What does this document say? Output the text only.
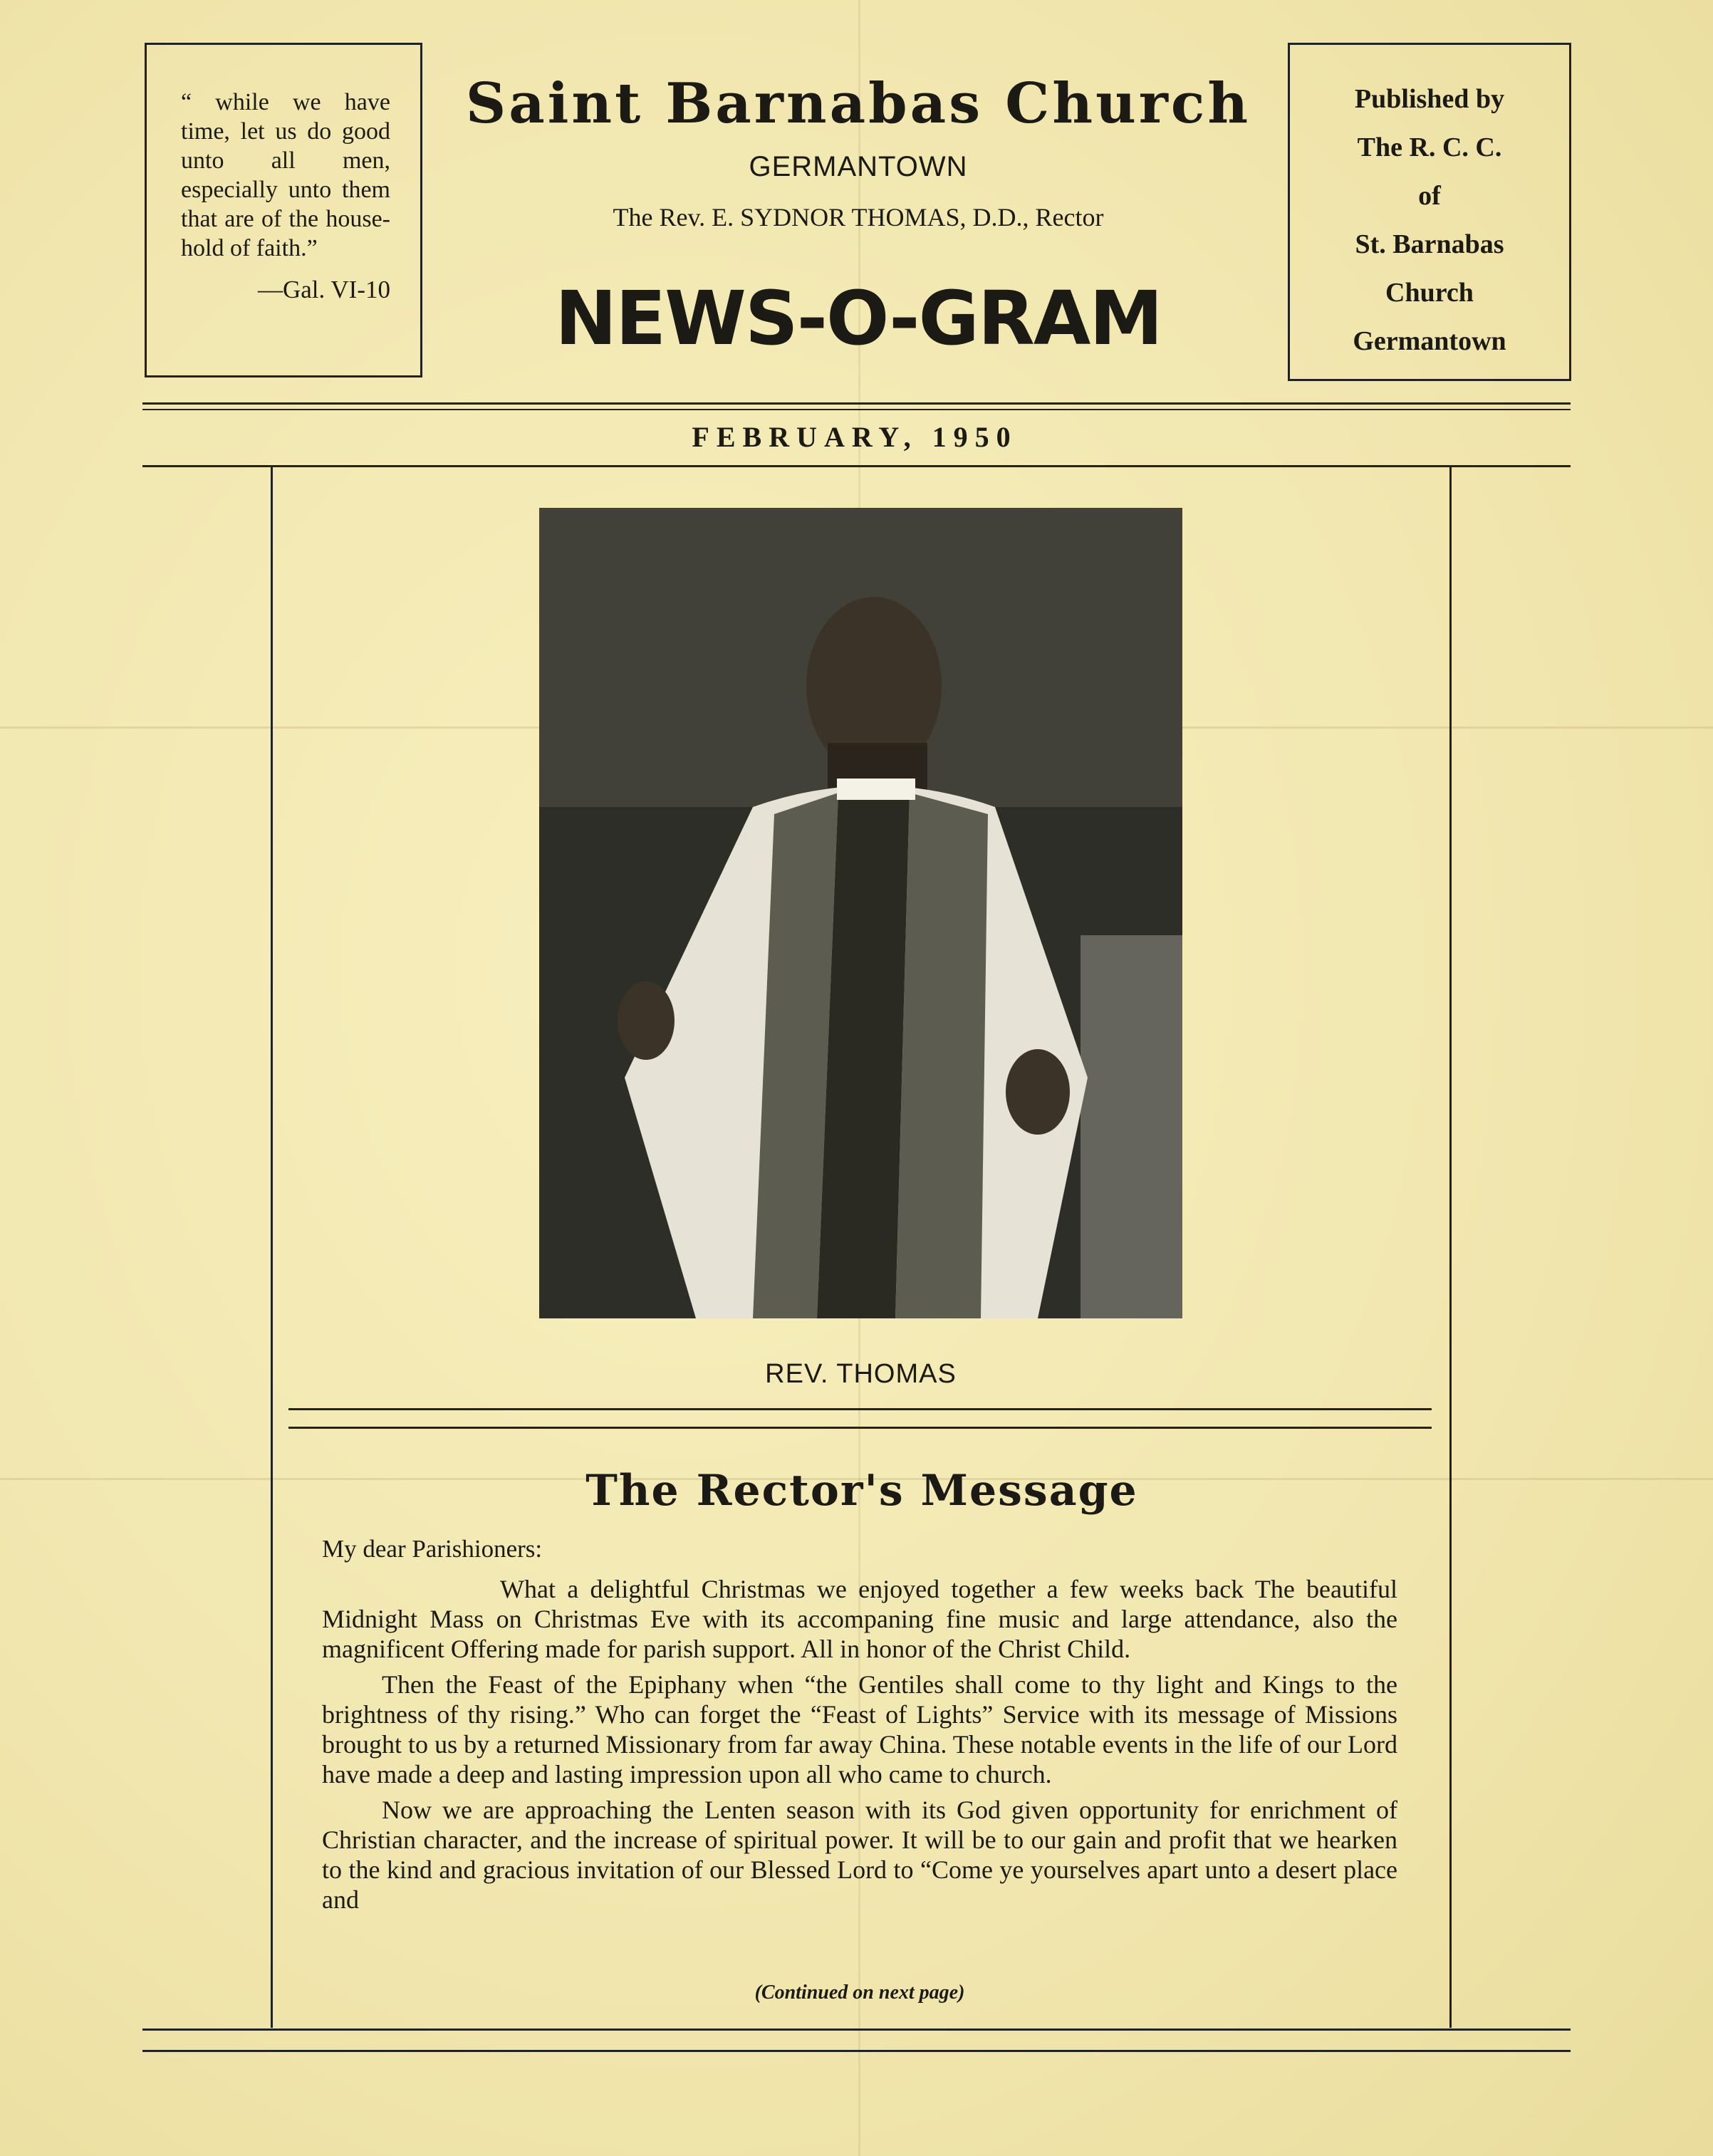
“ while we have time, let us do good unto all men, especially unto them that are of the house-hold of faith.”

—Gal. VI-10
Saint Barnabas Church
GERMANTOWN
The Rev. E. SYDNOR THOMAS, D.D., Rector
NEWS-O-GRAM
Published by
The R. C. C.
of
St. Barnabas
Church
Germantown
FEBRUARY, 1950
REV. THOMAS
The Rector's Message
My dear Parishioners:

What a delightful Christmas we enjoyed together a few weeks back The beautiful Midnight Mass on Christmas Eve with its accompaning fine music and large attendance, also the magnificent Offering made for parish support. All in honor of the Christ Child.

Then the Feast of the Epiphany when “the Gentiles shall come to thy light and Kings to the brightness of thy rising.” Who can forget the “Feast of Lights” Service with its message of Missions brought to us by a returned Missionary from far away China. These notable events in the life of our Lord have made a deep and lasting impression upon all who came to church.

Now we are approaching the Lenten season with its God given opportunity for enrichment of Christian character, and the increase of spiritual power. It will be to our gain and profit that we hearken to the kind and gracious invitation of our Blessed Lord to “Come ye yourselves apart unto a desert place and

(Continued on next page)
